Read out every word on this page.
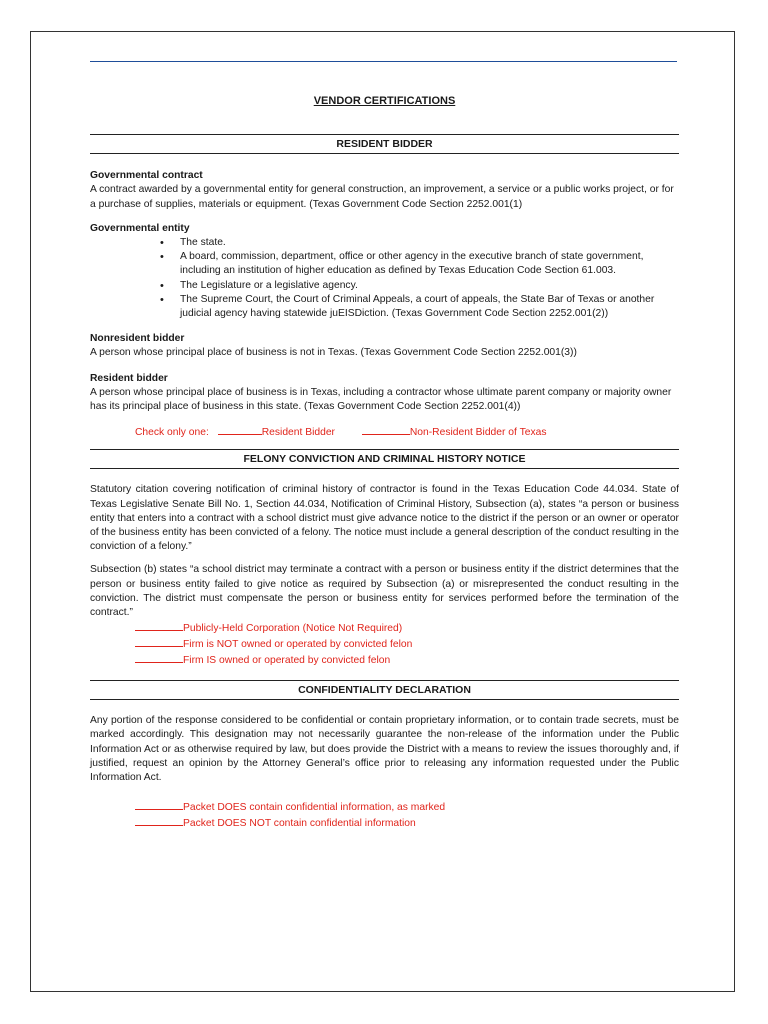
VENDOR CERTIFICATIONS

RESIDENT BIDDER

Governmental contract

A contract awarded by a governmental entity for general construction, an improvement, a service or a public works project, or for a purchase of supplies, materials or equipment. (Texas Government Code Section 2252.001(1)

Governmental entity

• The state.
• A board, commission, department, office or other agency in the executive branch of state government, including an institution of higher education as defined by Texas Education Code Section 61.003.
• The Legislature or a legislative agency.
• The Supreme Court, the Court of Criminal Appeals, a court of appeals, the State Bar of Texas or another judicial agency having statewide juEISDiction. (Texas Government Code Section 2252.001(2))

Nonresident bidder

A person whose principal place of business is not in Texas. (Texas Government Code Section 2252.001(3))

Resident bidder

A person whose principal place of business is in Texas, including a contractor whose ultimate parent company or majority owner has its principal place of business in this state. (Texas Government Code Section 2252.001(4))

Check only one:	Resident Bidder	Non-Resident Bidder of Texas

FELONY CONVICTION AND CRIMINAL HISTORY NOTICE

Statutory citation covering notification of criminal history of contractor is found in the Texas Education Code 44.034. State of Texas Legislative Senate Bill No. 1, Section 44.034, Notification of Criminal History, Subsection (a), states “a person or business entity that enters into a contract with a school district must give advance notice to the district if the person or an owner or operator of the business entity has been convicted of a felony. The notice must include a general description of the conduct resulting in the conviction of a felony.”

Subsection (b) states “a school district may terminate a contract with a person or business entity if the district determines that the person or business entity failed to give notice as required by Subsection (a) or misrepresented the conduct resulting in the conviction. The district must compensate the person or business entity for services performed before the termination of the contract.”

Publicly-Held Corporation (Notice Not Required)
Firm is NOT owned or operated by convicted felon
Firm IS owned or operated by convicted felon
CONFIDENTIALITY DECLARATION

Any portion of the response considered to be confidential or contain proprietary information, or to contain trade secrets, must be marked accordingly. This designation may not necessarily guarantee the non-release of the information under the Public Information Act or as otherwise required by law, but does provide the District with a means to review the issues thoroughly and, if justified, request an opinion by the Attorney General’s office prior to releasing any information requested under the Public Information Act.

Packet DOES contain confidential information, as marked
Packet DOES NOT contain confidential information
